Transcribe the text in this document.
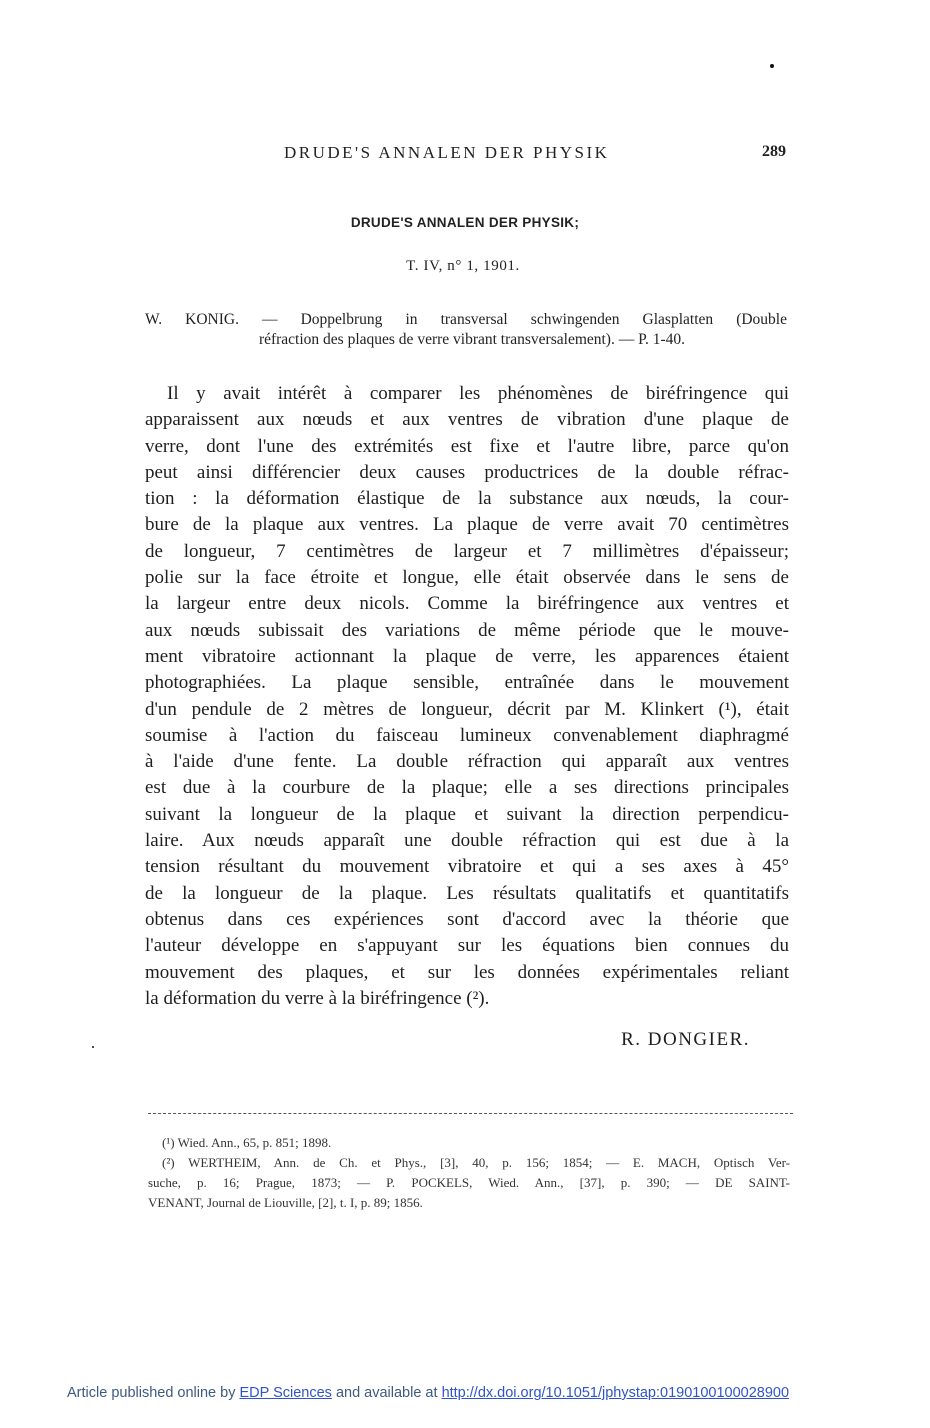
DRUDE'S ANNALEN DER PHYSIK	289
DRUDE'S ANNALEN DER PHYSIK;
T. IV, n° 1, 1901.
W. KONIG. — Doppelbrung in transversal schwingenden Glasplatten (Double
réfraction des plaques de verre vibrant transversalement). — P. 1-40.
Il y avait intérêt à comparer les phénomènes de biréfringence qui
apparaissent aux nœuds et aux ventres de vibration d'une plaque de
verre, dont l'une des extrémités est fixe et l'autre libre, parce qu'on
peut ainsi différencier deux causes productrices de la double réfrac-
tion : la déformation élastique de la substance aux nœuds, la cour-
bure de la plaque aux ventres. La plaque de verre avait 70 centimètres
de longueur, 7 centimètres de largeur et 7 millimètres d'épaisseur;
polie sur la face étroite et longue, elle était observée dans le sens de
la largeur entre deux nicols. Comme la biréfringence aux ventres et
aux nœuds subissait des variations de même période que le mouve-
ment vibratoire actionnant la plaque de verre, les apparences étaient
photographiées. La plaque sensible, entraînée dans le mouvement
d'un pendule de 2 mètres de longueur, décrit par M. Klinkert (¹), était
soumise à l'action du faisceau lumineux convenablement diaphragmé
à l'aide d'une fente. La double réfraction qui apparaît aux ventres
est due à la courbure de la plaque; elle a ses directions principales
suivant la longueur de la plaque et suivant la direction perpendicu-
laire. Aux nœuds apparaît une double réfraction qui est due à la
tension résultant du mouvement vibratoire et qui a ses axes à 45°
de la longueur de la plaque. Les résultats qualitatifs et quantitatifs
obtenus dans ces expériences sont d'accord avec la théorie que
l'auteur développe en s'appuyant sur les équations bien connues du
mouvement des plaques, et sur les données expérimentales reliant
la déformation du verre à la biréfringence (²).
R. DONGIER.
(¹) Wied. Ann., 65, p. 851; 1898.
(²) WERTHEIM, Ann. de Ch. et Phys., [3], 40, p. 156; 1854; — E. MACH, Optisch Ver-
suche, p. 16; Prague, 1873; — P. POCKELS, Wied. Ann., [37], p. 390; — DE SAINT-
VENANT, Journal de Liouville, [2], t. I, p. 89; 1856.
Article published online by EDP Sciences and available at http://dx.doi.org/10.1051/jphystap:0190100100028900
